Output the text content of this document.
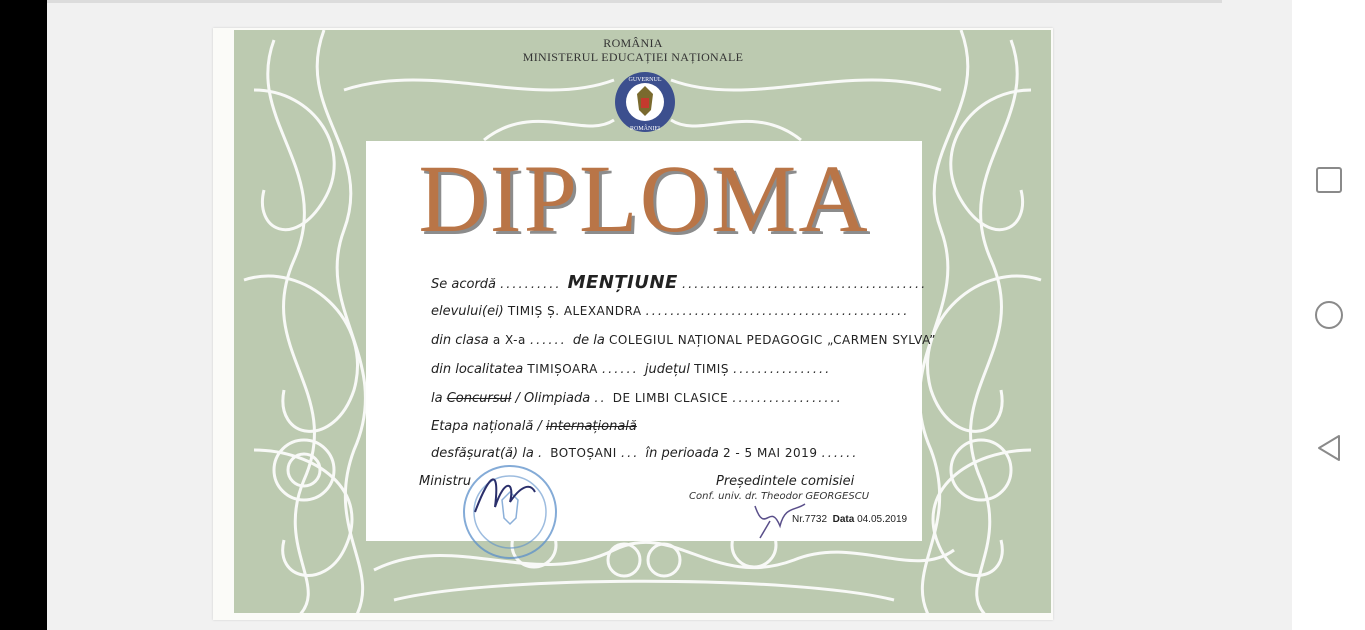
ROMÂNIA
MINISTERUL EDUCAȚIEI NAȚIONALE
GUVERNUL
ROMÂNIEI
DIPLOMA
Se acordă .......... MENȚIUNE ........................................
elevului(ei) TIMIȘ Ș. ALEXANDRA ...........................................
din clasa a X-a ...... de la COLEGIUL NAȚIONAL PEDAGOGIC „CARMEN SYLVA”
din localitatea TIMIȘOARA ...... județul TIMIȘ ................
la Concursul / Olimpiada .. DE LIMBI CLASICE ..................
Etapa națională / internațională
desfășurat(ă) la . BOTOȘANI ... în perioada 2 - 5 MAI 2019 ......
Ministru	Președintele comisiei
Conf. univ. dr. Theodor GEORGESCU
Nr.7732 Data 04.05.2019
